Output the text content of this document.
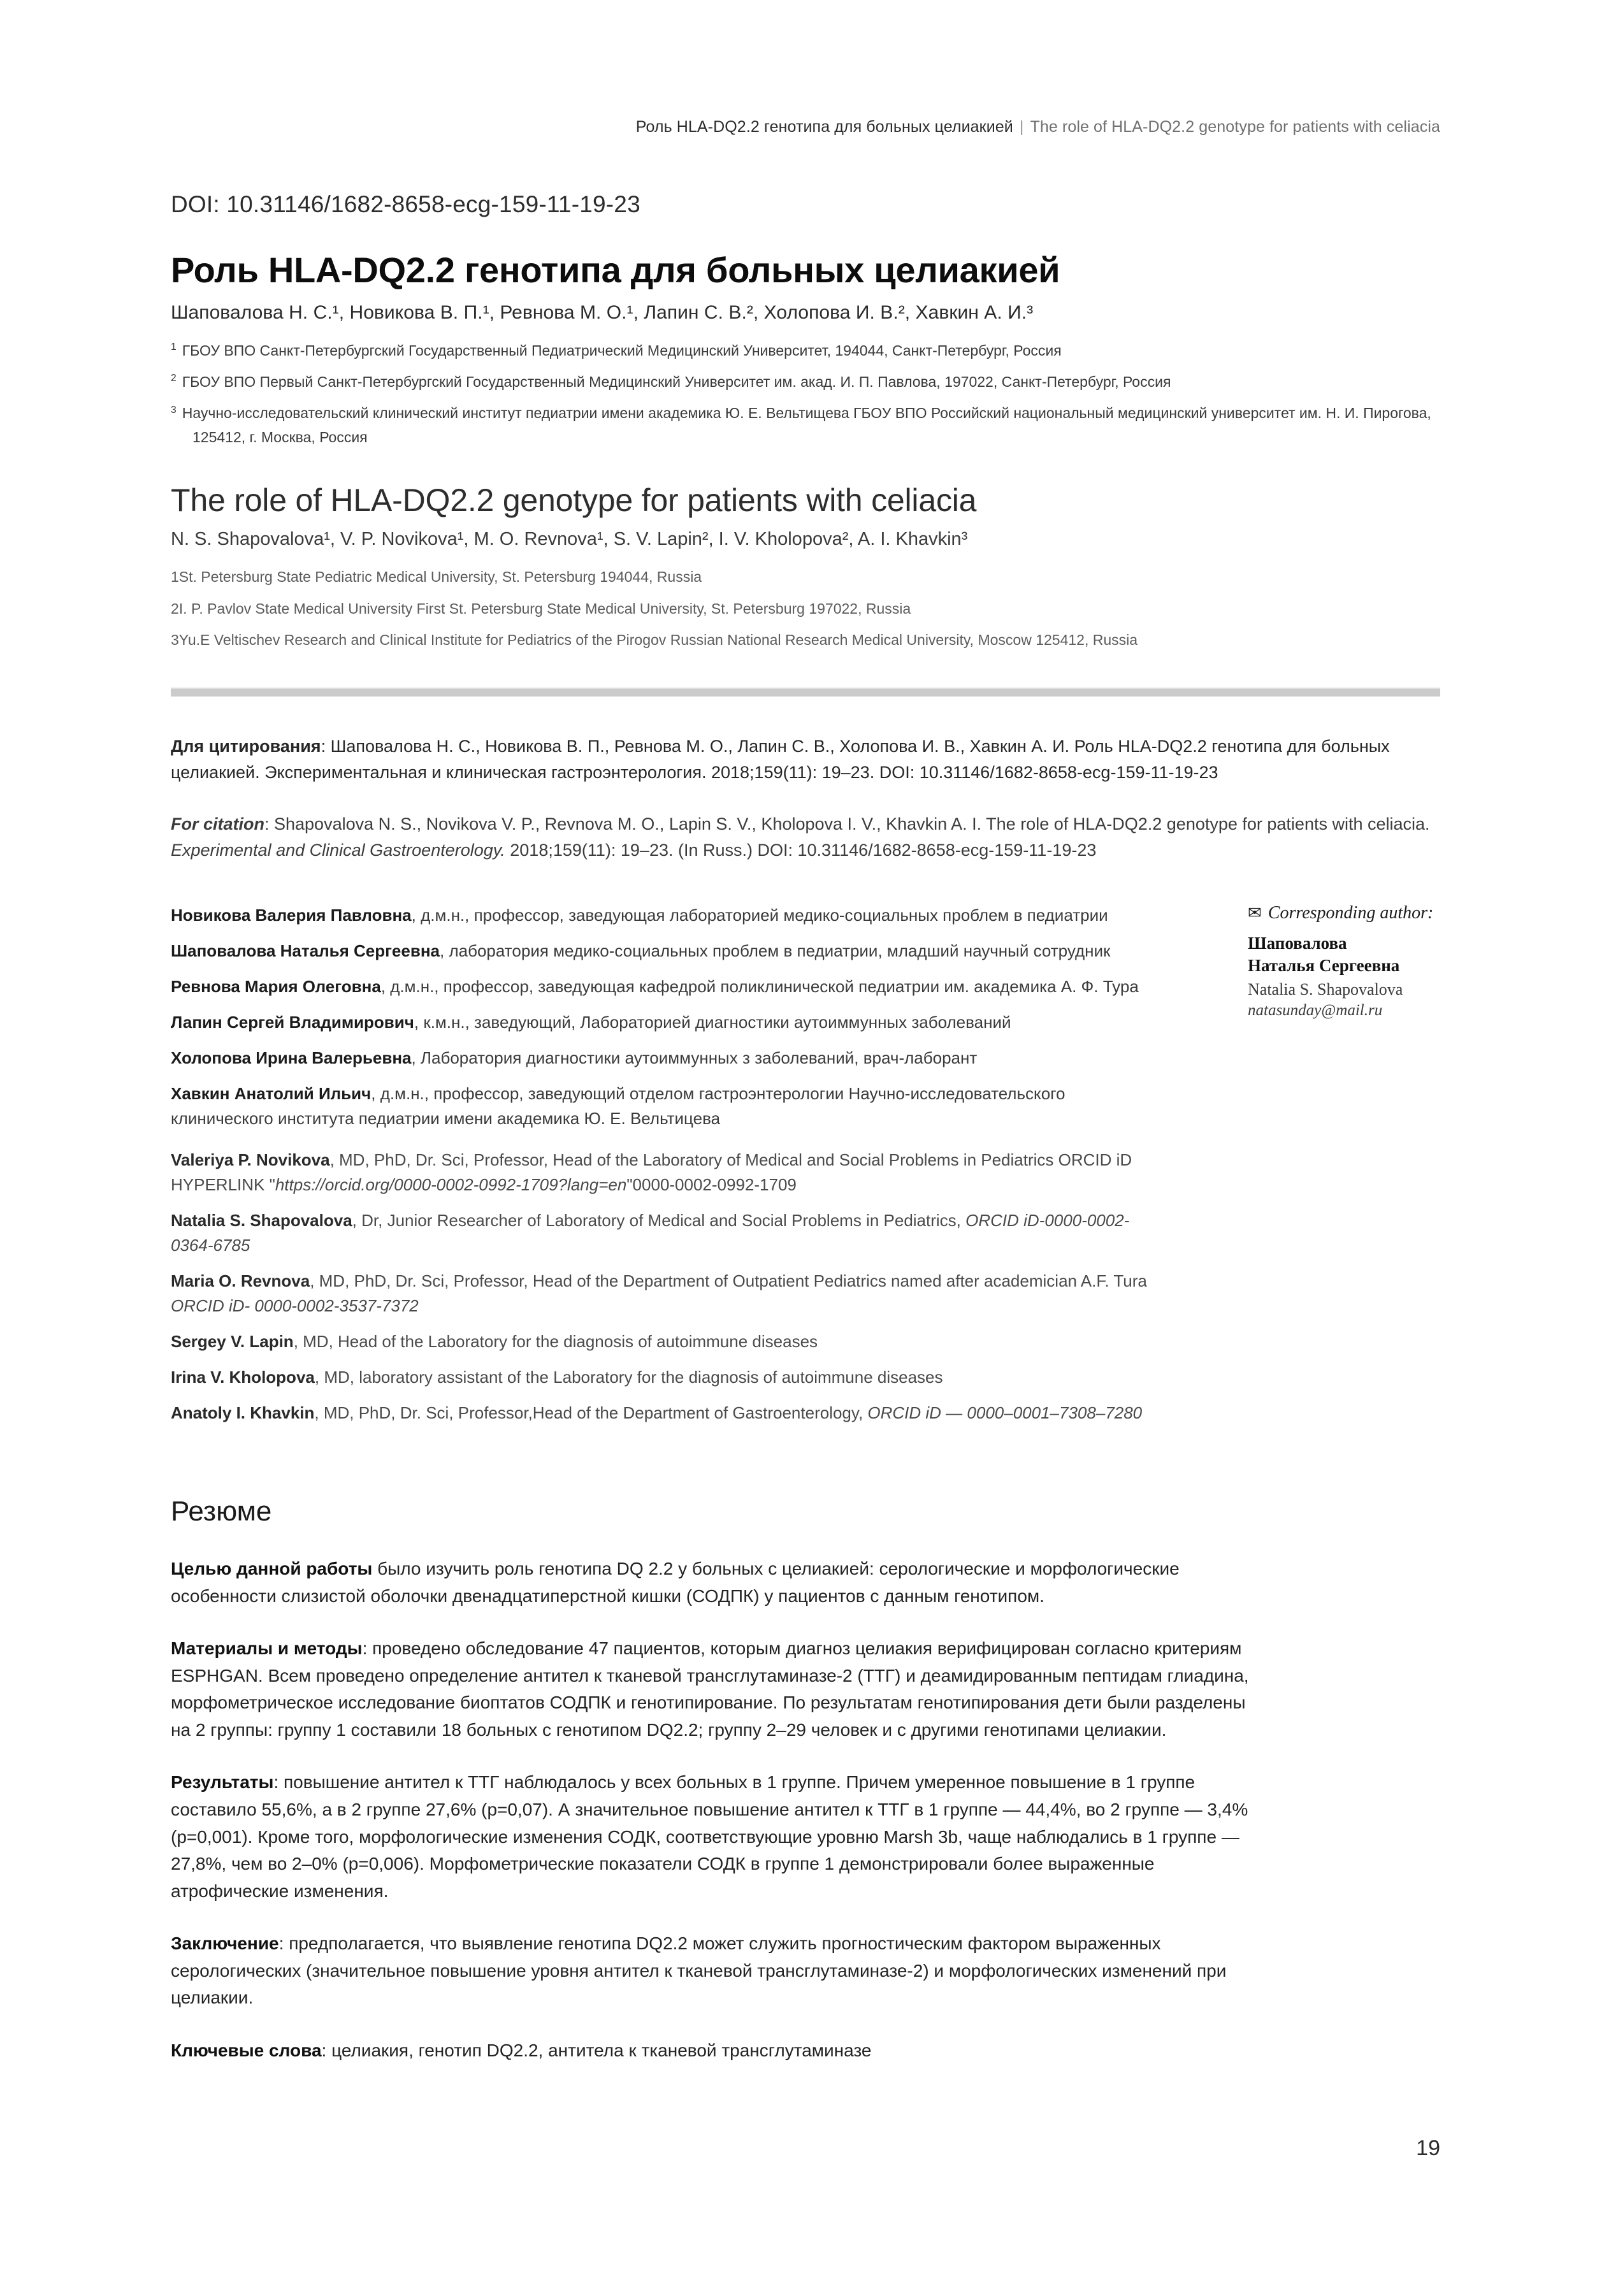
Роль HLA-DQ2.2 генотипа для больных целиакией | The role of HLA-DQ2.2 genotype for patients with celiacia
DOI: 10.31146/1682-8658-ecg-159-11-19-23
Роль HLA-DQ2.2 генотипа для больных целиакией
Шаповалова Н. С.¹, Новикова В. П.¹, Ревнова М. О.¹, Лапин С. В.², Холопова И. В.², Хавкин А. И.³
$^1$ ГБОУ ВПО Санкт-Петербургский Государственный Педиатрический Медицинский Университет, 194044, Санкт-Петербург, Россия
$^2$ ГБОУ ВПО Первый Санкт-Петербургский Государственный Медицинский Университет им. акад. И. П. Павлова, 197022, Санкт-Петербург, Россия
$^3$ Научно-исследовательский клинический институт педиатрии имени академика Ю. Е. Вельтищева ГБОУ ВПО Российский национальный медицинский университет им. Н. И. Пирогова, 125412, г. Москва, Россия
The role of HLA-DQ2.2 genotype for patients with celiacia
N. S. Shapovalova¹, V. P. Novikova¹, M. O. Revnova¹, S. V. Lapin², I. V. Kholopova², A. I. Khavkin³
1St. Petersburg State Pediatric Medical University, St. Petersburg 194044, Russia
2I. P. Pavlov State Medical University First St. Petersburg State Medical University, St. Petersburg 197022, Russia
3Yu.E Veltischev Research and Clinical Institute for Pediatrics of the Pirogov Russian National Research Medical University, Moscow 125412, Russia
Для цитирования: Шаповалова Н. С., Новикова В. П., Ревнова М. О., Лапин С. В., Холопова И. В., Хавкин А. И. Роль HLA-DQ2.2 генотипа для больных целиакией. Экспериментальная и клиническая гастроэнтерология. 2018;159(11): 19–23. DOI: 10.31146/1682-8658-ecg-159-11-19-23
For citation: Shapovalova N. S., Novikova V. P., Revnova M. O., Lapin S. V., Kholopova I. V., Khavkin A. I. The role of HLA-DQ2.2 genotype for patients with celiacia. Experimental and Clinical Gastroenterology. 2018;159(11): 19–23. (In Russ.) DOI: 10.31146/1682-8658-ecg-159-11-19-23
Новикова Валерия Павловна, д.м.н., профессор, заведующая лабораторией медико-социальных проблем в педиатрии
Шаповалова Наталья Сергеевна, лаборатория медико-социальных проблем в педиатрии, младший научный сотрудник
Ревнова Мария Олеговна, д.м.н., профессор, заведующая кафедрой поликлинической педиатрии им. академика А. Ф. Тура
Лапин Сергей Владимирович, к.м.н., заведующий, Лабораторией диагностики аутоиммунных заболеваний
Холопова Ирина Валерьевна, Лаборатория диагностики аутоиммунных з заболеваний, врач-лаборант
Хавкин Анатолий Ильич, д.м.н., профессор, заведующий отделом гастроэнтерологии Научно-исследовательского клинического института педиатрии имени академика Ю. Е. Вельтицева
Valeriya P. Novikova, MD, PhD, Dr. Sci, Professor, Head of the Laboratory of Medical and Social Problems in Pediatrics ORCID iD HYPERLINK "https://orcid.org/0000-0002-0992-1709?lang=en"0000-0002-0992-1709
Natalia S. Shapovalova, Dr, Junior Researcher of Laboratory of Medical and Social Problems in Pediatrics, ORCID iD-0000-0002-0364-6785
Maria O. Revnova, MD, PhD, Dr. Sci, Professor, Head of the Department of Outpatient Pediatrics named after academician A.F. Tura ORCID iD- 0000-0002-3537-7372
Sergey V. Lapin, MD, Head of the Laboratory for the diagnosis of autoimmune diseases
Irina V. Kholopova, MD, laboratory assistant of the Laboratory for the diagnosis of autoimmune diseases
Anatoly I. Khavkin, MD, PhD, Dr. Sci, Professor,Head of the Department of Gastroenterology, ORCID iD — 0000–0001–7308–7280
✉ Corresponding author:
Шаповалова
Наталья Сергеевна
Natalia S. Shapovalova
natasunday@mail.ru
Резюме

Целью данной работы было изучить роль генотипа DQ 2.2 у больных с целиакией: серологические и морфологические особенности слизистой оболочки двенадцатиперстной кишки (СОДПК) у пациентов с данным генотипом.

Материалы и методы: проведено обследование 47 пациентов, которым диагноз целиакия верифицирован согласно критериям ESPHGAN. Всем проведено определение антител к тканевой трансглутаминазе-2 (ТТГ) и деамидированным пептидам глиадина, морфометрическое исследование биоптатов СОДПК и генотипирование. По результатам генотипирования дети были разделены на 2 группы: группу 1 составили 18 больных с генотипом DQ2.2; группу 2–29 человек и с другими генотипами целиакии.

Результаты: повышение антител к ТТГ наблюдалось у всех больных в 1 группе. Причем умеренное повышение в 1 группе составило 55,6%, а в 2 группе 27,6% (p=0,07). А значительное повышение антител к ТТГ в 1 группе — 44,4%, во 2 группе — 3,4% (p=0,001). Кроме того, морфологические изменения СОДК, соответствующие уровню Marsh 3b, чаще наблюдались в 1 группе — 27,8%, чем во 2–0% (p=0,006). Морфометрические показатели СОДК в группе 1 демонстрировали более выраженные атрофические изменения.

Заключение: предполагается, что выявление генотипа DQ2.2 может служить прогностическим фактором выраженных серологических (значительное повышение уровня антител к тканевой трансглутаминазе-2) и морфологических изменений при целиакии.

Ключевые слова: целиакия, генотип DQ2.2, антитела к тканевой трансглутаминазе

19
